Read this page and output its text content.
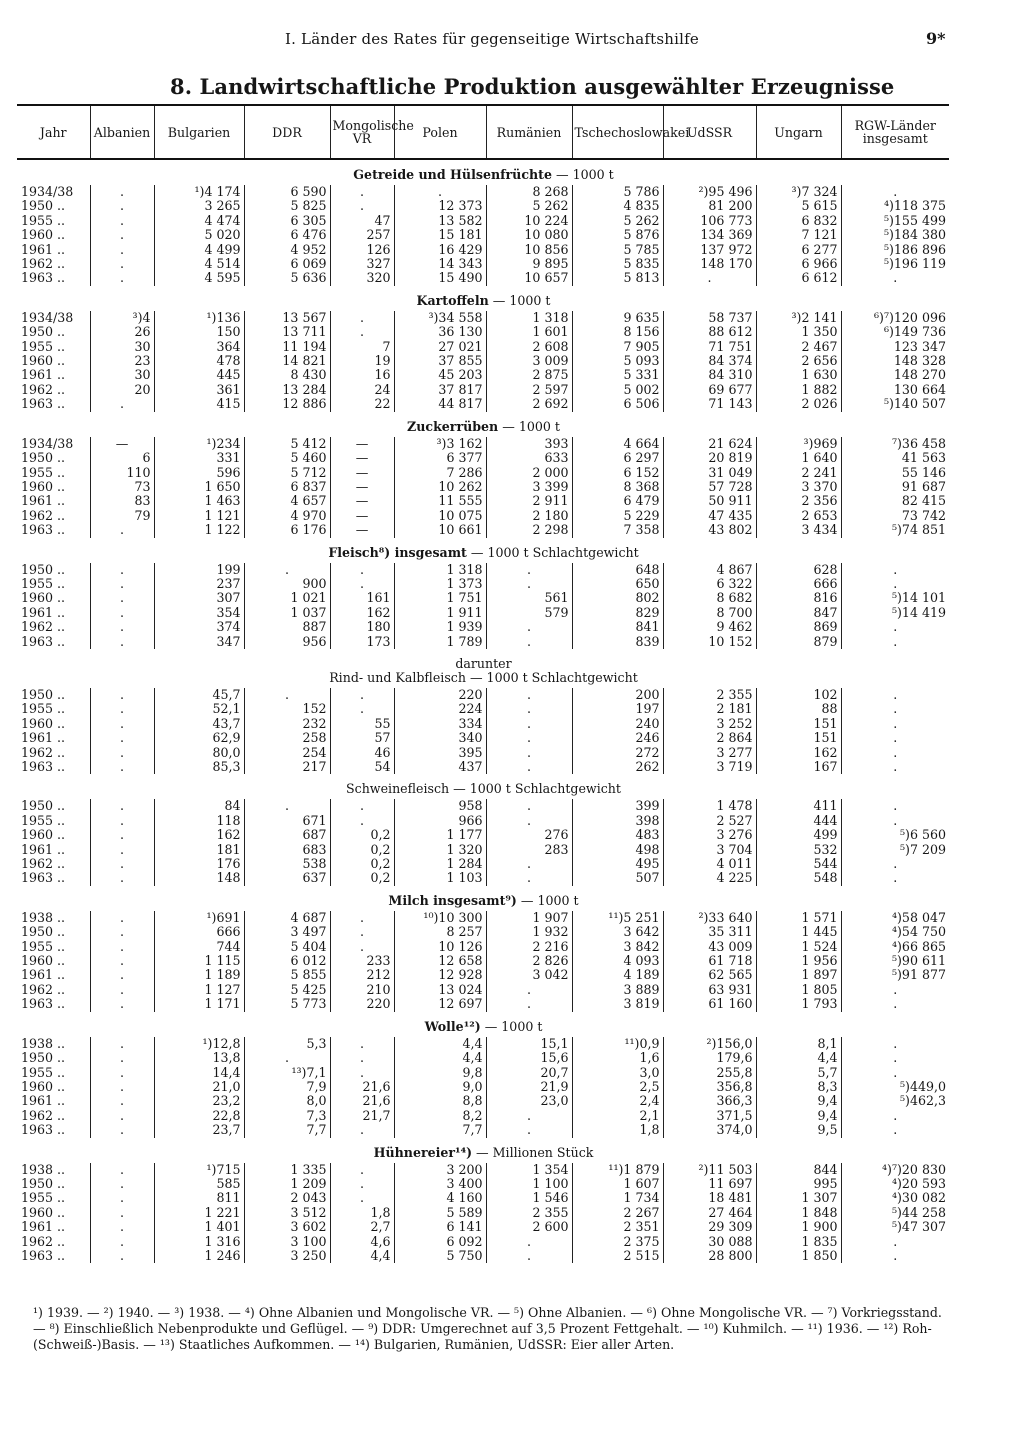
I. Länder des Rates für gegenseitige Wirtschaftshilfe	9*
8. Landwirtschaftliche Produktion ausgewählter Erzeugnisse
Jahr	Albanien	Bulgarien	DDR	Mongolische VR	Polen	Rumänien	Tschechoslowakei	UdSSR	Ungarn	RGW-Länder insgesamt
Getreide und Hülsenfrüchte — 1000 t										
1934/38	.	¹)4 174	6 590	.	.	8 268	5 786	²)95 496	³)7 324	.
1950 ..	.	3 265	5 825	.	12 373	5 262	4 835	81 200	5 615	⁴)118 375
1955 ..	.	4 474	6 305	47	13 582	10 224	5 262	106 773	6 832	⁵)155 499
1960 ..	.	5 020	6 476	257	15 181	10 080	5 876	134 369	7 121	⁵)184 380
1961 ..	.	4 499	4 952	126	16 429	10 856	5 785	137 972	6 277	⁵)186 896
1962 ..	.	4 514	6 069	327	14 343	9 895	5 835	148 170	6 966	⁵)196 119
1963 ..	.	4 595	5 636	320	15 490	10 657	5 813	.	6 612	.
Kartoffeln — 1000 t										
1934/38	³)4	¹)136	13 567	.	³)34 558	1 318	9 635	58 737	³)2 141	⁶)⁷)120 096
1950 ..	26	150	13 711	.	36 130	1 601	8 156	88 612	1 350	⁶)149 736
1955 ..	30	364	11 194	7	27 021	2 608	7 905	71 751	2 467	123 347
1960 ..	23	478	14 821	19	37 855	3 009	5 093	84 374	2 656	148 328
1961 ..	30	445	8 430	16	45 203	2 875	5 331	84 310	1 630	148 270
1962 ..	20	361	13 284	24	37 817	2 597	5 002	69 677	1 882	130 664
1963 ..	.	415	12 886	22	44 817	2 692	6 506	71 143	2 026	⁵)140 507
Zuckerrüben — 1000 t										
1934/38	—	¹)234	5 412	—	³)3 162	393	4 664	21 624	³)969	⁷)36 458
1950 ..	6	331	5 460	—	6 377	633	6 297	20 819	1 640	41 563
1955 ..	110	596	5 712	—	7 286	2 000	6 152	31 049	2 241	55 146
1960 ..	73	1 650	6 837	—	10 262	3 399	8 368	57 728	3 370	91 687
1961 ..	83	1 463	4 657	—	11 555	2 911	6 479	50 911	2 356	82 415
1962 ..	79	1 121	4 970	—	10 075	2 180	5 229	47 435	2 653	73 742
1963 ..	.	1 122	6 176	—	10 661	2 298	7 358	43 802	3 434	⁵)74 851
Fleisch⁸) insgesamt — 1000 t Schlachtgewicht										
1950 ..	.	199	.	.	1 318	.	648	4 867	628	.
1955 ..	.	237	900	.	1 373	.	650	6 322	666	.
1960 ..	.	307	1 021	161	1 751	561	802	8 682	816	⁵)14 101
1961 ..	.	354	1 037	162	1 911	579	829	8 700	847	⁵)14 419
1962 ..	.	374	887	180	1 939	.	841	9 462	869	.
1963 ..	.	347	956	173	1 789	.	839	10 152	879	.
darunter										
Rind- und Kalbfleisch — 1000 t Schlachtgewicht										
1950 ..	.	45,7	.	.	220	.	200	2 355	102	.
1955 ..	.	52,1	152	.	224	.	197	2 181	88	.
1960 ..	.	43,7	232	55	334	.	240	3 252	151	.
1961 ..	.	62,9	258	57	340	.	246	2 864	151	.
1962 ..	.	80,0	254	46	395	.	272	3 277	162	.
1963 ..	.	85,3	217	54	437	.	262	3 719	167	.
Schweinefleisch — 1000 t Schlachtgewicht										
1950 ..	.	84	.	.	958	.	399	1 478	411	.
1955 ..	.	118	671	.	966	.	398	2 527	444	.
1960 ..	.	162	687	0,2	1 177	276	483	3 276	499	⁵)6 560
1961 ..	.	181	683	0,2	1 320	283	498	3 704	532	⁵)7 209
1962 ..	.	176	538	0,2	1 284	.	495	4 011	544	.
1963 ..	.	148	637	0,2	1 103	.	507	4 225	548	.
Milch insgesamt⁹) — 1000 t										
1938 ..	.	¹)691	4 687	.	¹⁰)10 300	1 907	¹¹)5 251	²)33 640	1 571	⁴)58 047
1950 ..	.	666	3 497	.	8 257	1 932	3 642	35 311	1 445	⁴)54 750
1955 ..	.	744	5 404	.	10 126	2 216	3 842	43 009	1 524	⁴)66 865
1960 ..	.	1 115	6 012	233	12 658	2 826	4 093	61 718	1 956	⁵)90 611
1961 ..	.	1 189	5 855	212	12 928	3 042	4 189	62 565	1 897	⁵)91 877
1962 ..	.	1 127	5 425	210	13 024	.	3 889	63 931	1 805	.
1963 ..	.	1 171	5 773	220	12 697	.	3 819	61 160	1 793	.
Wolle¹²) — 1000 t										
1938 ..	.	¹)12,8	5,3	.	4,4	15,1	¹¹)0,9	²)156,0	8,1	.
1950 ..	.	13,8	.	.	4,4	15,6	1,6	179,6	4,4	.
1955 ..	.	14,4	¹³)7,1	.	9,8	20,7	3,0	255,8	5,7	.
1960 ..	.	21,0	7,9	21,6	9,0	21,9	2,5	356,8	8,3	⁵)449,0
1961 ..	.	23,2	8,0	21,6	8,8	23,0	2,4	366,3	9,4	⁵)462,3
1962 ..	.	22,8	7,3	21,7	8,2	.	2,1	371,5	9,4	.
1963 ..	.	23,7	7,7	.	7,7	.	1,8	374,0	9,5	.
Hühnereier¹⁴) — Millionen Stück										
1938 ..	.	¹)715	1 335	.	3 200	1 354	¹¹)1 879	²)11 503	844	⁴)⁷)20 830
1950 ..	.	585	1 209	.	3 400	1 100	1 607	11 697	995	⁴)20 593
1955 ..	.	811	2 043	.	4 160	1 546	1 734	18 481	1 307	⁴)30 082
1960 ..	.	1 221	3 512	1,8	5 589	2 355	2 267	27 464	1 848	⁵)44 258
1961 ..	.	1 401	3 602	2,7	6 141	2 600	2 351	29 309	1 900	⁵)47 307
1962 ..	.	1 316	3 100	4,6	6 092	.	2 375	30 088	1 835	.
1963 ..	.	1 246	3 250	4,4	5 750	.	2 515	28 800	1 850	.
¹) 1939. — ²) 1940. — ³) 1938. — ⁴) Ohne Albanien und Mongolische VR. — ⁵) Ohne Albanien. — ⁶) Ohne Mongolische VR. — ⁷) Vorkriegsstand. — ⁸) Einschließlich Nebenprodukte und Geflügel. — ⁹) DDR: Umgerechnet auf 3,5 Prozent Fettgehalt. — ¹⁰) Kuhmilch. — ¹¹) 1936. — ¹²) Roh-(Schweiß-)Basis. — ¹³) Staatliches Aufkommen. — ¹⁴) Bulgarien, Rumänien, UdSSR: Eier aller Arten.
